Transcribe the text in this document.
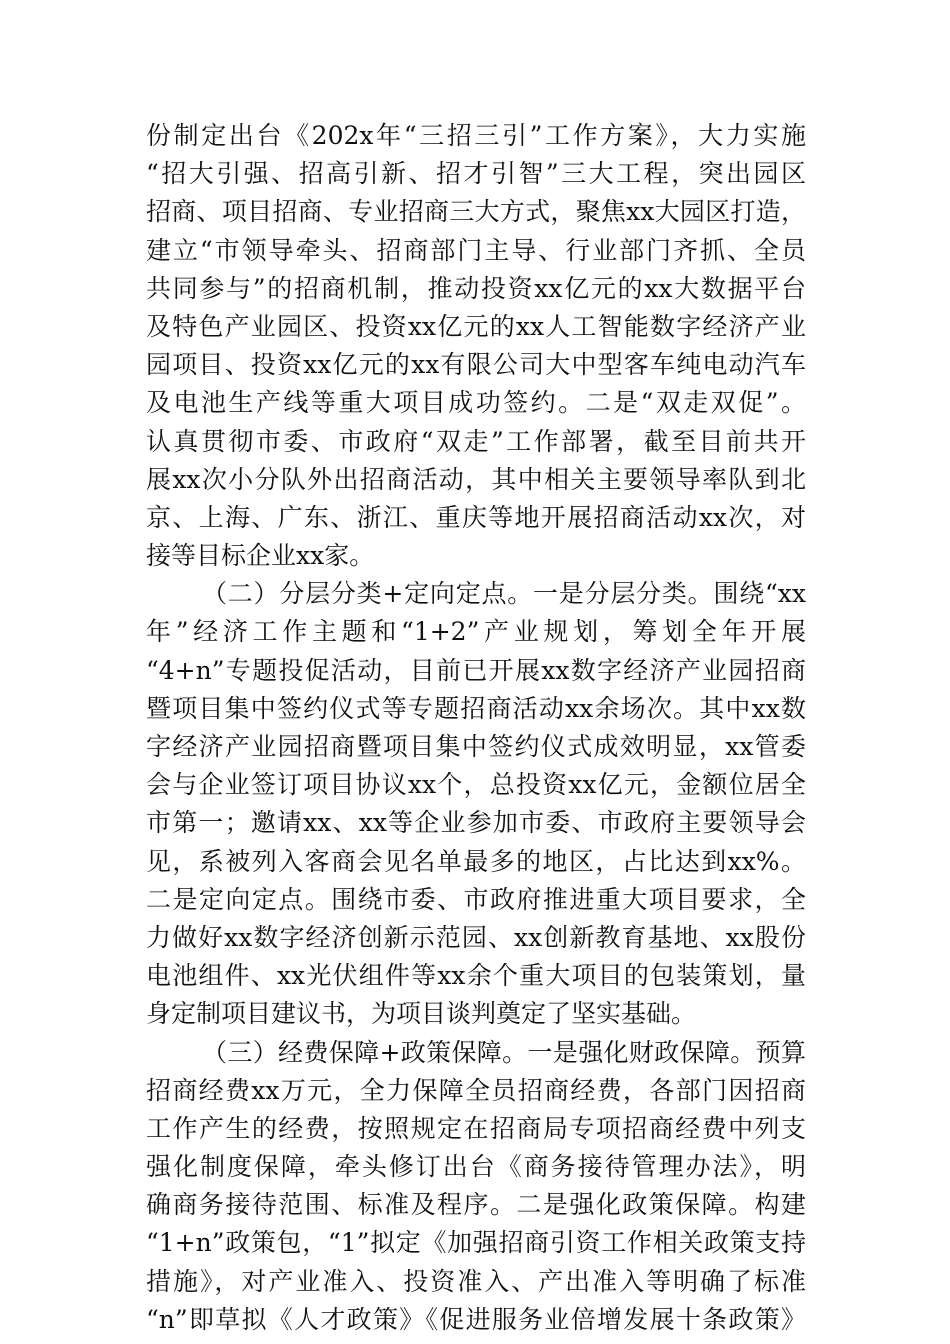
份制定出台《202x年“三招三引”工作方案》，大力实施
“招大引强、招高引新、招才引智”三大工程，突出园区
招商、项目招商、专业招商三大方式，聚焦xx大园区打造，
建立“市领导牵头、招商部门主导、行业部门齐抓、全员
共同参与”的招商机制，推动投资xx亿元的xx大数据平台
及特色产业园区、投资xx亿元的xx人工智能数字经济产业
园项目、投资xx亿元的xx有限公司大中型客车纯电动汽车
及电池生产线等重大项目成功签约。二是“双走双促”。
认真贯彻市委、市政府“双走”工作部署，截至目前共开
展xx次小分队外出招商活动，其中相关主要领导率队到北
京、上海、广东、浙江、重庆等地开展招商活动xx次，对
接等目标企业xx家。
（二）分层分类+定向定点。一是分层分类。围绕“xx
年”经济工作主题和“1+2”产业规划，筹划全年开展
“4+n”专题投促活动，目前已开展xx数字经济产业园招商
暨项目集中签约仪式等专题招商活动xx余场次。其中xx数
字经济产业园招商暨项目集中签约仪式成效明显，xx管委
会与企业签订项目协议xx个，总投资xx亿元，金额位居全
市第一；邀请xx、xx等企业参加市委、市政府主要领导会
见，系被列入客商会见名单最多的地区，占比达到xx%。
二是定向定点。围绕市委、市政府推进重大项目要求，全
力做好xx数字经济创新示范园、xx创新教育基地、xx股份
电池组件、xx光伏组件等xx余个重大项目的包装策划，量
身定制项目建议书，为项目谈判奠定了坚实基础。
（三）经费保障+政策保障。一是强化财政保障。预算
招商经费xx万元，全力保障全员招商经费，各部门因招商
工作产生的经费，按照规定在招商局专项招商经费中列支
强化制度保障，牵头修订出台《商务接待管理办法》，明
确商务接待范围、标准及程序。二是强化政策保障。构建
“1+n”政策包，“1”拟定《加强招商引资工作相关政策支持
措施》，对产业准入、投资准入、产出准入等明确了标准
“n”即草拟《人才政策》《促进服务业倍增发展十条政策》
